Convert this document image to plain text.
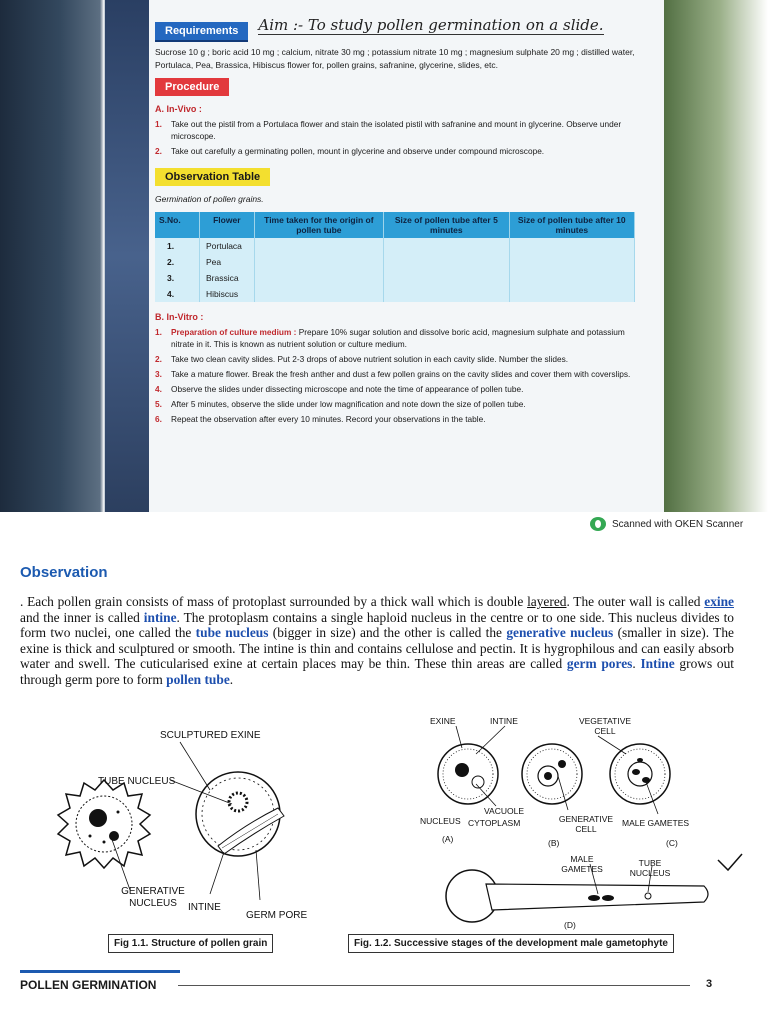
Requirements	Aim :- To study pollen germination on a slide.

Sucrose 10 g ; boric acid 10 mg ; calcium, nitrate 30 mg ; potassium nitrate 10 mg ; magnesium sulphate 20 mg ; distilled water, Portulaca, Pea, Brassica, Hibiscus flower for, pollen grains, safranine, glycerine, slides, etc.

Procedure
A. In-Vivo :
1.	Take out the pistil from a Portulaca flower and stain the isolated pistil with safranine and mount in glycerine. Observe under microscope.
2.	Take out carefully a germinating pollen, mount in glycerine and observe under compound microscope.
Observation Table
Germination of pollen grains.
S.No.	Flower	Time taken for the origin of pollen tube	Size of pollen tube after 5 minutes	Size of pollen tube after 10 minutes
1.	Portulaca			
2.	Pea			
3.	Brassica			
4.	Hibiscus			
B. In-Vitro :
1.	Preparation of culture medium : Prepare 10% sugar solution and dissolve boric acid, magnesium sulphate and potassium nitrate in it. This is known as nutrient solution or culture medium.
2.	Take two clean cavity slides. Put 2-3 drops of above nutrient solution in each cavity slide. Number the slides.
3.	Take a mature flower. Break the fresh anther and dust a few pollen grains on the cavity slides and cover them with coverslips.
4.	Observe the slides under dissecting microscope and note the time of appearance of pollen tube.
5.	After 5 minutes, observe the slide under low magnification and note down the size of pollen tube.
6.	Repeat the observation after every 10 minutes. Record your observations in the table.
Scanned with OKEN Scanner
Observation

. Each pollen grain consists of mass of protoplast surrounded by a thick wall which is double layered. The outer wall is called exine and the inner is called intine. The protoplasm contains a single haploid nucleus in the centre or to one side. This nucleus divides to form two nuclei, one called the tube nucleus (bigger in size) and the other is called the generative nucleus (smaller in size). The exine is thick and sculptured or smooth. The intine is thin and contains cellulose and pectin. It is hygrophilous and can easily absorb water and swell. The cuticularised exine at certain places may be thin. These thin areas are called germ pores. Intine grows out through germ pore to form pollen tube.

SCULPTURED EXINE
TUBE NUCLEUS
GENERATIVE NUCLEUS	INTINE
GERM PORE
EXINE	INTINE	VEGETATIVE CELL
VACUOLE
NUCLEUS CYTOPLASM	GENERATIVE CELL
MALE GAMETES
(A)	(B)	(C)
MALE GAMETES
TUBE NUCLEUS
(D)
Fig 1.1. Structure of pollen grain	Fig. 1.2. Successive stages of the development male gametophyte
POLLEN GERMINATION	3
